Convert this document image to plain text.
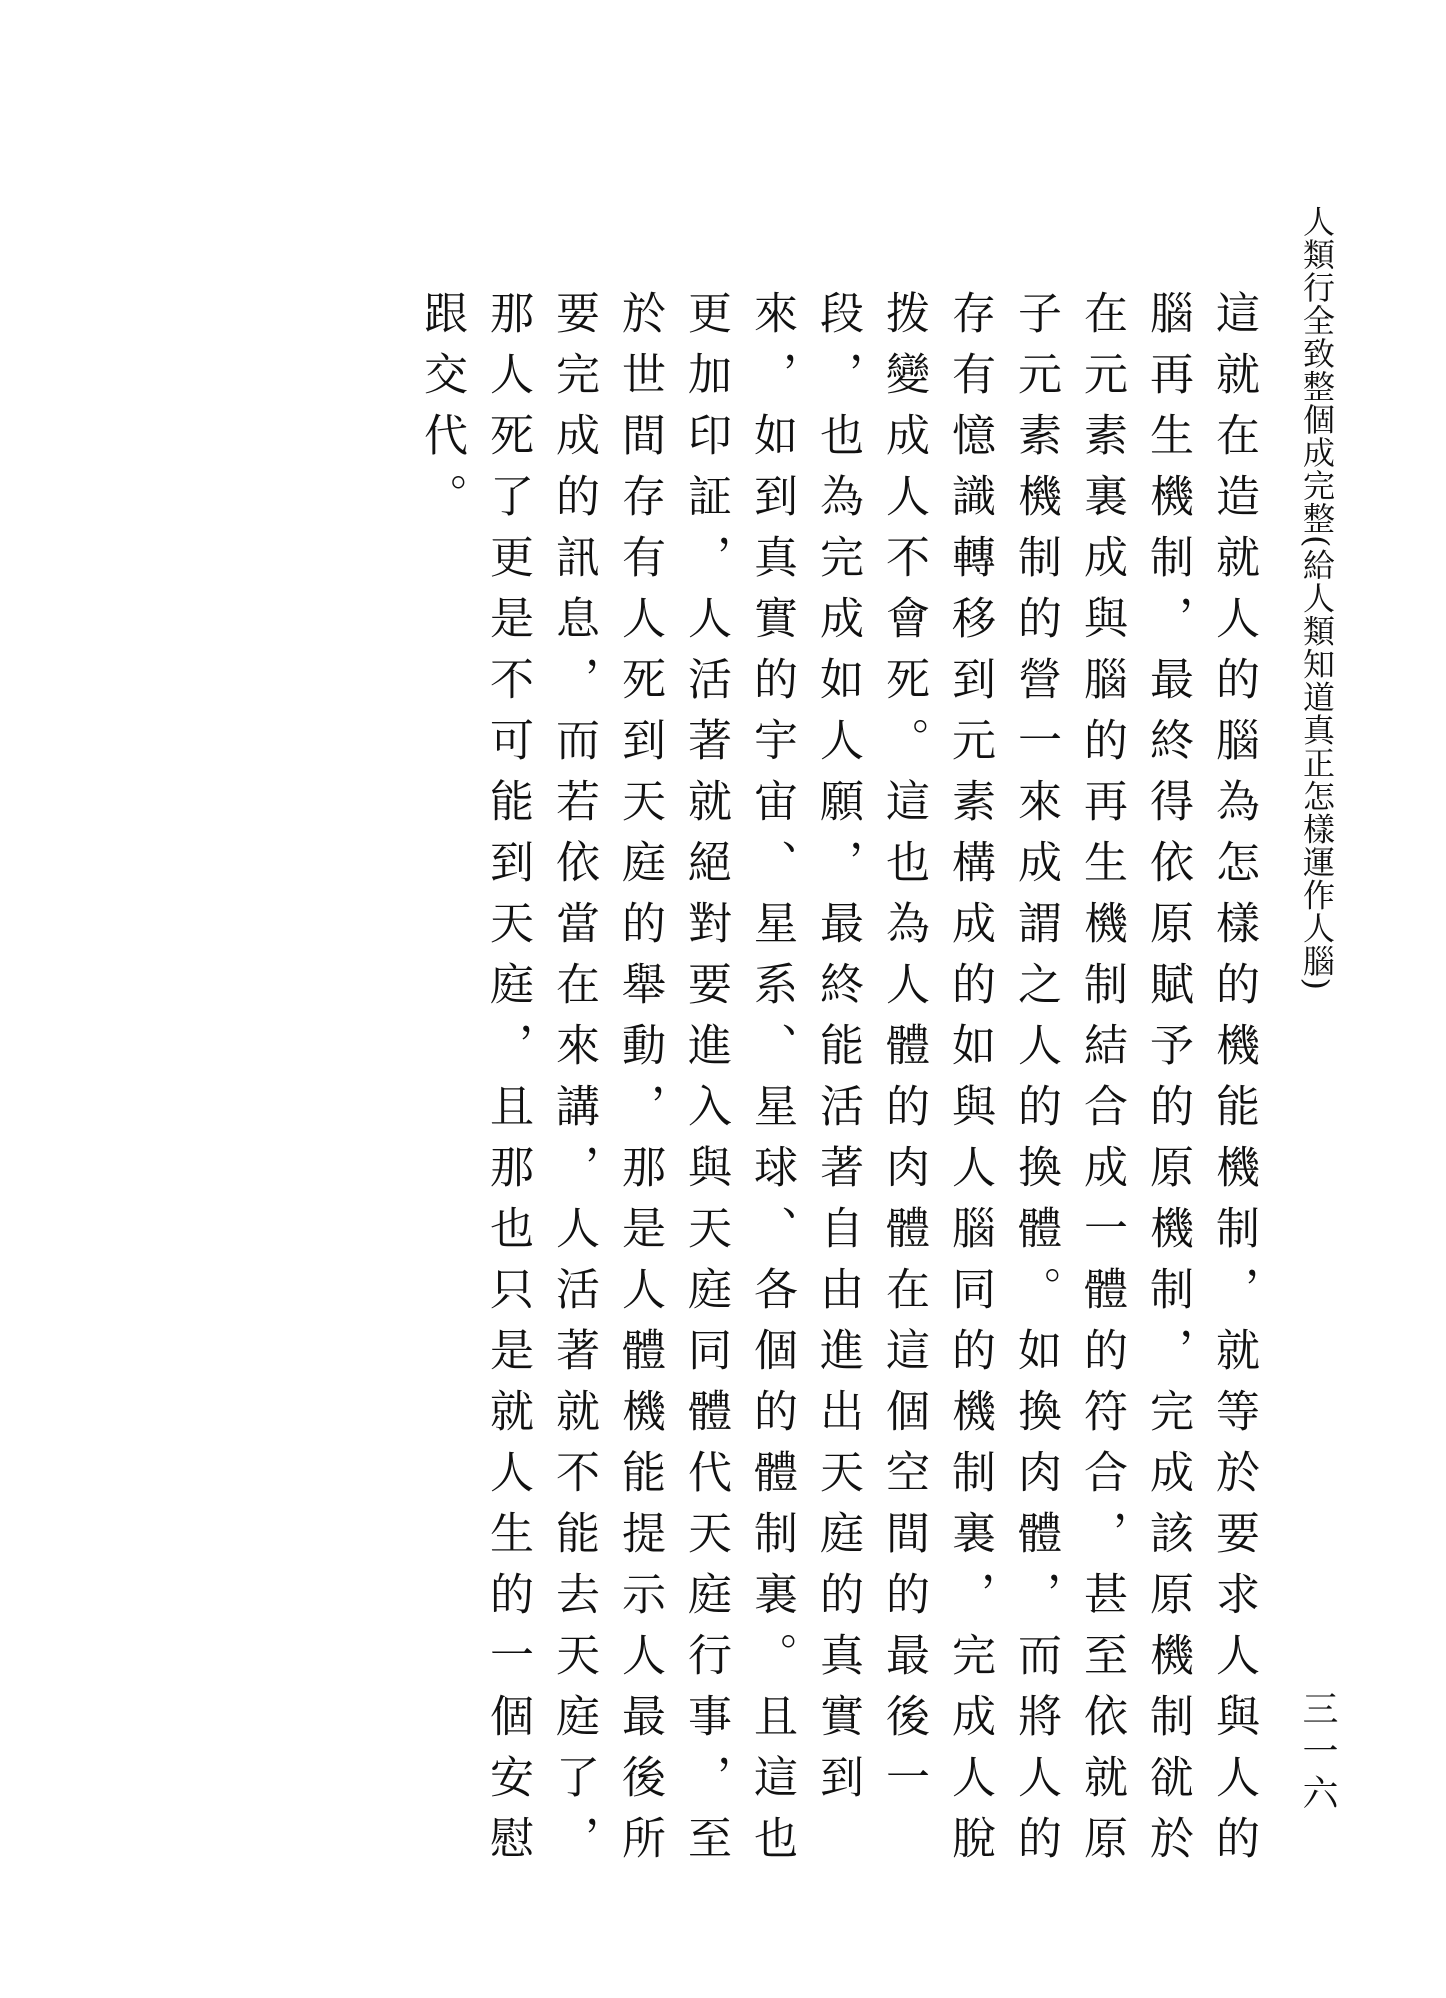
人類行全致整個成完整(給人類知道真正怎樣運作人腦)
三一六

這就在造就人的腦為怎樣的機能機制，就等於要求人與人的腦再生機制，最終得依原賦予的原機制，完成該原機制㞃於在元素裏成與腦的再生機制結合成一體的符合，甚至依就原子元素機制的營一來成謂之人的換體。如換肉體，而將人的存有憶識轉移到元素構成的如與人腦同的機制裏，完成人脫拨變成人不會死。這也為人體的肉體在這個空間的最後一段，也為完成如人願，最終能活著自由進出天庭的真實到來，如到真實的宇宙、星系、星球、各個的體制裏。且這也更加印証，人活著就絕對要進入與天庭同體代天庭行事，至於世間存有人死到天庭的舉動，那是人體機能提示人最後所要完成的訊息，而若依當在來講，人活著就不能去天庭了，那人死了更是不可能到天庭，且那也只是就人生的一個安慰跟交代。
